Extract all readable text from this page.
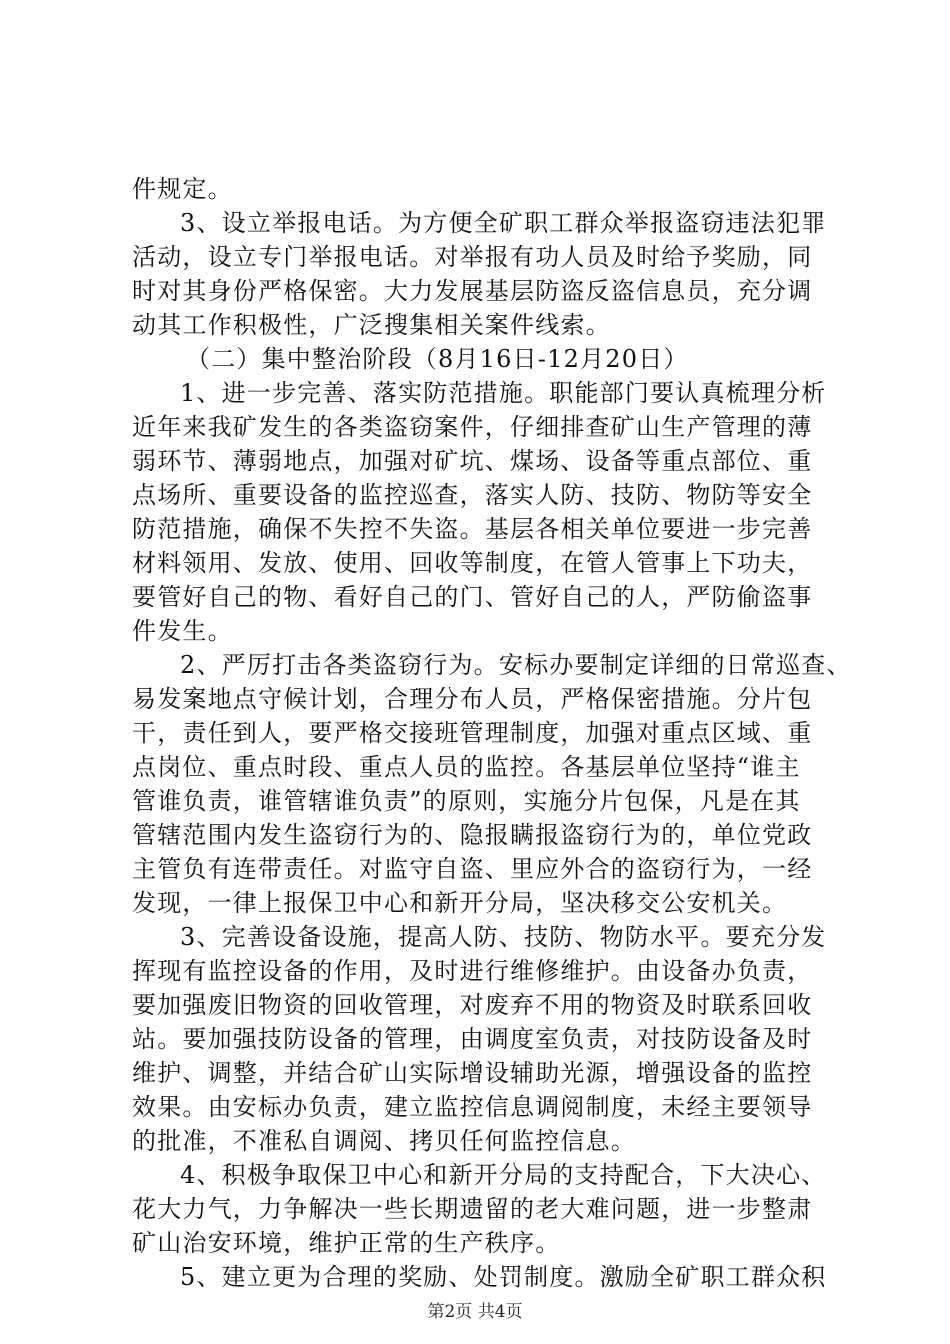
件规定。
3、设立举报电话。为方便全矿职工群众举报盗窃违法犯罪
活动，设立专门举报电话。对举报有功人员及时给予奖励，同
时对其身份严格保密。大力发展基层防盗反盗信息员，充分调
动其工作积极性，广泛搜集相关案件线索。
（二）集中整治阶段（8月16日-12月20日）
1、进一步完善、落实防范措施。职能部门要认真梳理分析
近年来我矿发生的各类盗窃案件，仔细排查矿山生产管理的薄
弱环节、薄弱地点，加强对矿坑、煤场、设备等重点部位、重
点场所、重要设备的监控巡查，落实人防、技防、物防等安全
防范措施，确保不失控不失盗。基层各相关单位要进一步完善
材料领用、发放、使用、回收等制度，在管人管事上下功夫，
要管好自己的物、看好自己的门、管好自己的人，严防偷盗事
件发生。
2、严厉打击各类盗窃行为。安标办要制定详细的日常巡查、
易发案地点守候计划，合理分布人员，严格保密措施。分片包
干，责任到人，要严格交接班管理制度，加强对重点区域、重
点岗位、重点时段、重点人员的监控。各基层单位坚持“谁主
管谁负责，谁管辖谁负责”的原则，实施分片包保，凡是在其
管辖范围内发生盗窃行为的、隐报瞒报盗窃行为的，单位党政
主管负有连带责任。对监守自盗、里应外合的盗窃行为，一经
发现，一律上报保卫中心和新开分局，坚决移交公安机关。
3、完善设备设施，提高人防、技防、物防水平。要充分发
挥现有监控设备的作用，及时进行维修维护。由设备办负责，
要加强废旧物资的回收管理，对废弃不用的物资及时联系回收
站。要加强技防设备的管理，由调度室负责，对技防设备及时
维护、调整，并结合矿山实际增设辅助光源，增强设备的监控
效果。由安标办负责，建立监控信息调阅制度，未经主要领导
的批准，不准私自调阅、拷贝任何监控信息。
4、积极争取保卫中心和新开分局的支持配合，下大决心、
花大力气，力争解决一些长期遗留的老大难问题，进一步整肃
矿山治安环境，维护正常的生产秩序。
5、建立更为合理的奖励、处罚制度。激励全矿职工群众积
第2页 共4页
